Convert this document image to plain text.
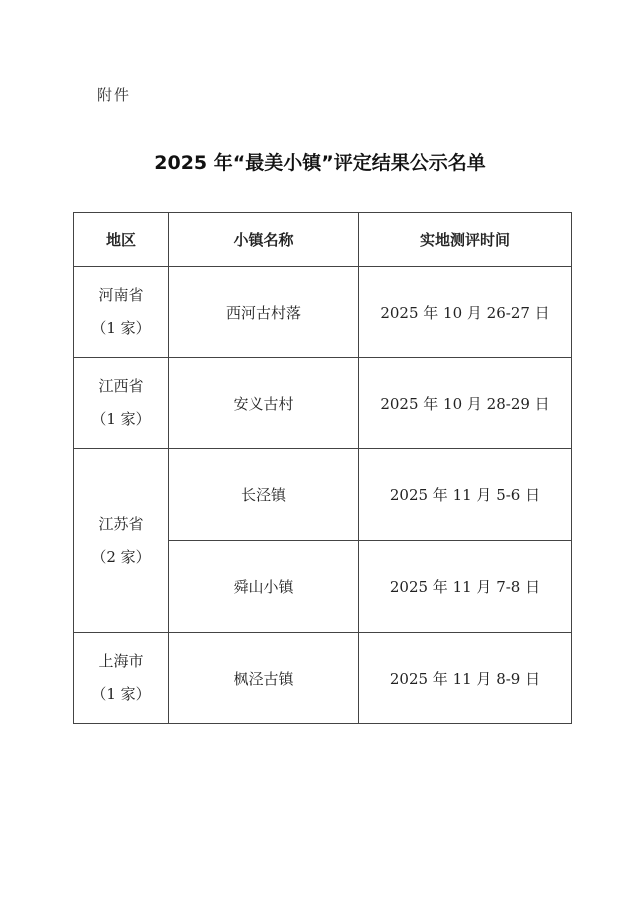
附件
2025 年“最美小镇”评定结果公示名单
地区	小镇名称	实地测评时间

河南省
（1 家）	西河古村落	2025 年 10 月 26-27 日

江西省
（1 家）	安义古村	2025 年 10 月 28-29 日

江苏省
（2 家）	长泾镇	2025 年 11 月 5-6 日
	舜山小镇	2025 年 11 月 7-8 日

上海市
（1 家）	枫泾古镇	2025 年 11 月 8-9 日
